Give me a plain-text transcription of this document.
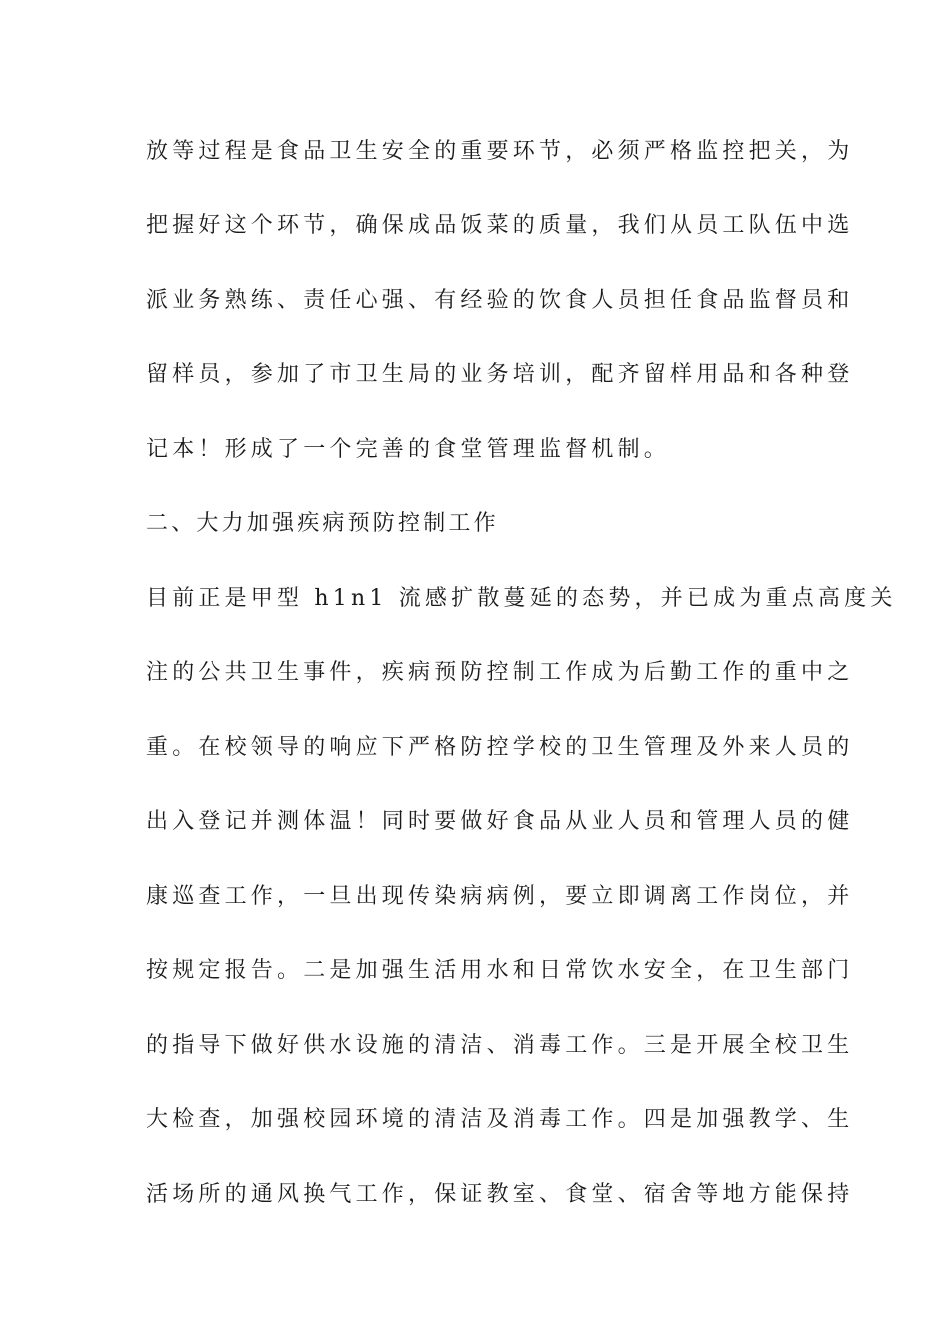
放等过程是食品卫生安全的重要环节，必须严格监控把关，为
把握好这个环节，确保成品饭菜的质量，我们从员工队伍中选
派业务熟练、责任心强、有经验的饮食人员担任食品监督员和
留样员，参加了市卫生局的业务培训，配齐留样用品和各种登
记本！形成了一个完善的食堂管理监督机制。
二、大力加强疾病预防控制工作
目前正是甲型 h1n1 流感扩散蔓延的态势，并已成为重点高度关
注的公共卫生事件，疾病预防控制工作成为后勤工作的重中之
重。在校领导的响应下严格防控学校的卫生管理及外来人员的
出入登记并测体温！同时要做好食品从业人员和管理人员的健
康巡查工作，一旦出现传染病病例，要立即调离工作岗位，并
按规定报告。二是加强生活用水和日常饮水安全，在卫生部门
的指导下做好供水设施的清洁、消毒工作。三是开展全校卫生
大检查，加强校园环境的清洁及消毒工作。四是加强教学、生
活场所的通风换气工作，保证教室、食堂、宿舍等地方能保持
